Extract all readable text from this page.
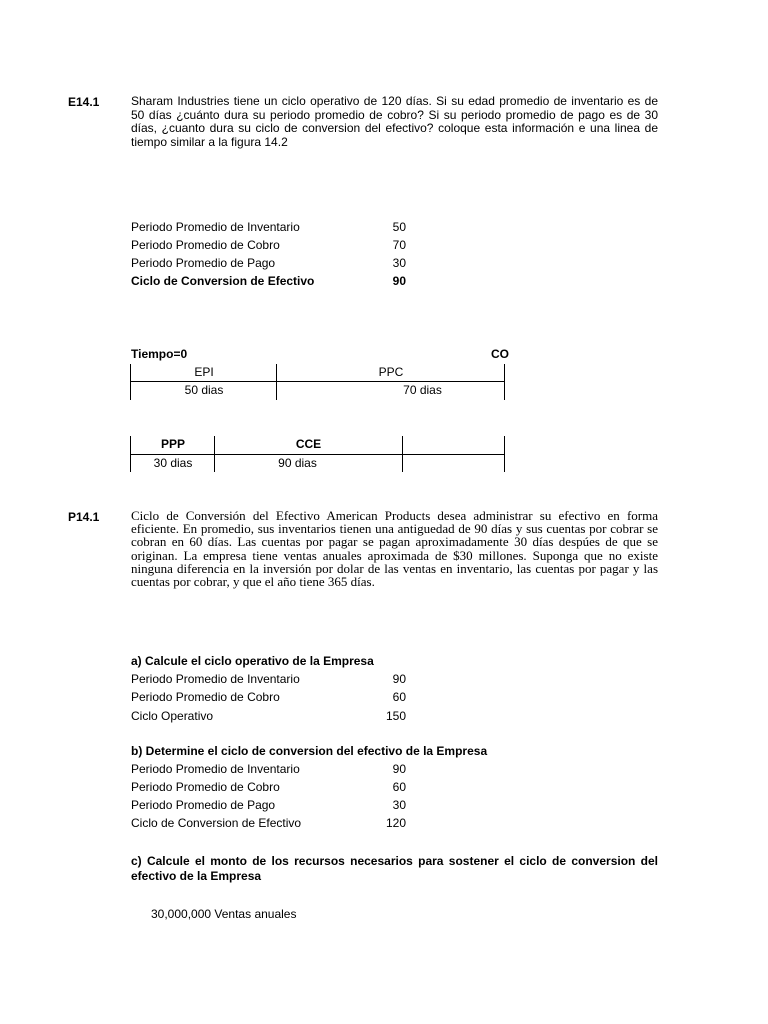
E14.1	Sharam Industries tiene un ciclo operativo de 120 días. Si su edad promedio de inventario es de 50 días ¿cuánto dura su periodo promedio de cobro? Si su periodo promedio de pago es de 30 días, ¿cuanto dura su ciclo de conversion del efectivo? coloque esta información e una linea de tiempo similar a la figura 14.2
Periodo Promedio de Inventario	50
Periodo Promedio de Cobro	70
Periodo Promedio de Pago	30
Ciclo de Conversion de Efectivo	90
Tiempo=0	CO
EPI	PPC
50 dias	70 dias
PPP	CCE
30 dias	90 dias
P14.1 Ciclo de Conversión del Efectivo American Products desea administrar su efectivo en forma eficiente. En promedio, sus inventarios tienen una antiguedad de 90 días y sus cuentas por cobrar se cobran en 60 días. Las cuentas por pagar se pagan aproximadamente 30 días despúes de que se originan. La empresa tiene ventas anuales aproximada de $30 millones. Suponga que no existe ninguna diferencia en la inversión por dolar de las ventas en inventario, las cuentas por pagar y las cuentas por cobrar, y que el año tiene 365 días.
a) Calcule el ciclo operativo de la Empresa
Periodo Promedio de Inventario	90
Periodo Promedio de Cobro	60
Ciclo Operativo	150
b) Determine el ciclo de conversion del efectivo de la Empresa
Periodo Promedio de Inventario	90
Periodo Promedio de Cobro	60
Periodo Promedio de Pago	30
Ciclo de Conversion de Efectivo	120
c) Calcule el monto de los recursos necesarios para sostener el ciclo de conversion del efectivo de la Empresa
30,000,000 Ventas anuales
